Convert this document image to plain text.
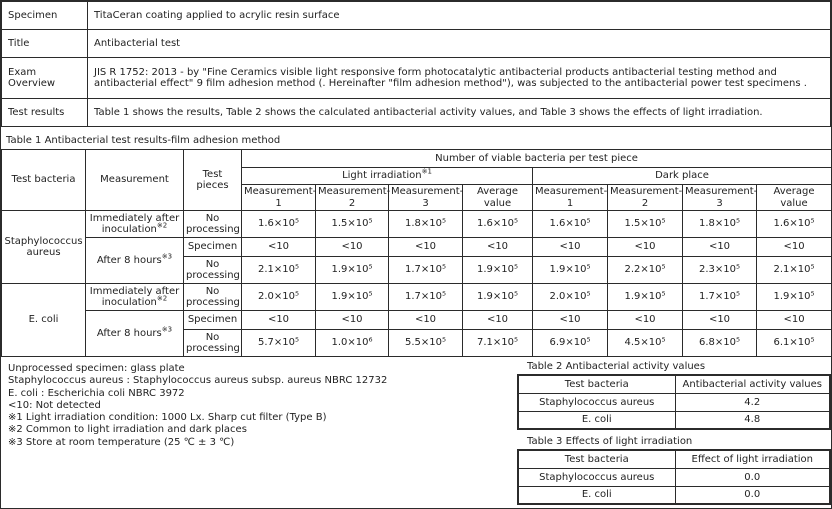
Specimen	TitaCeran coating applied to acrylic resin surface
Title	Antibacterial test
Exam Overview	JIS R 1752: 2013 - by "Fine Ceramics visible light responsive form photocatalytic antibacterial products antibacterial testing method and antibacterial effect" 9 film adhesion method (. Hereinafter "film adhesion method"), was subjected to the antibacterial power test specimens .
Test results	Table 1 shows the results, Table 2 shows the calculated antibacterial activity values, and Table 3 shows the effects of light irradiation.
Table 1 Antibacterial test results-film adhesion method
Test bacteria	Measurement	Test pieces	Number of viable bacteria per test piece							
			Light irradiation$^{※1}$				Dark place			
			Measurement-1	Measurement-2	Measurement-3	Average value	Measurement-1	Measurement-2	Measurement-3	Average value
Staphylococcus aureus	Immediately after inoculation$^{※2}$	No processing	1.6×10⁵	1.5×10⁵	1.8×10⁵	1.6×10⁵	1.6×10⁵	1.5×10⁵	1.8×10⁵	1.6×10⁵
	After 8 hours$^{※3}$	Specimen	<10	<10	<10	<10	<10	<10	<10	<10
		No processing	2.1×10⁵	1.9×10⁵	1.7×10⁵	1.9×10⁵	1.9×10⁵	2.2×10⁵	2.3×10⁵	2.1×10⁵
E. coli	Immediately after inoculation$^{※2}$	No processing	2.0×10⁵	1.9×10⁵	1.7×10⁵	1.9×10⁵	2.0×10⁵	1.9×10⁵	1.7×10⁵	1.9×10⁵
	After 8 hours$^{※3}$	Specimen	<10	<10	<10	<10	<10	<10	<10	<10
		No processing	5.7×10⁵	1.0×10⁶	5.5×10⁵	7.1×10⁵	6.9×10⁵	4.5×10⁵	6.8×10⁵	6.1×10⁵
Unprocessed specimen: glass plate
Staphylococcus aureus : Staphylococcus aureus subsp. aureus NBRC 12732
E. coli : Escherichia coli NBRC 3972
<10: Not detected
※1 Light irradiation condition: 1000 Lx. Sharp cut filter (Type B)
※2 Common to light irradiation and dark places
※3 Store at room temperature (25 ℃ ± 3 ℃)
Table 2 Antibacterial activity values
Test bacteria	Antibacterial activity values
Staphylococcus aureus	4.2
E. coli	4.8
Table 3 Effects of light irradiation
Test bacteria	Effect of light irradiation
Staphylococcus aureus	0.0
E. coli	0.0
